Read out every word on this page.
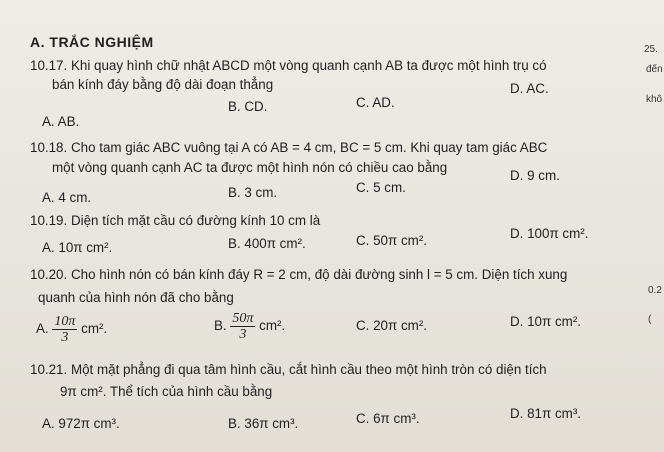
A. TRẮC NGHIỆM
10.17. Khi quay hình chữ nhật ABCD một vòng quanh cạnh AB ta được một hình trụ có
bán kính đáy bằng độ dài đoạn thẳng
A. AB.
B. CD.	C. AD.
D. AC.
10.18. Cho tam giác ABC vuông tại A có AB = 4 cm, BC = 5 cm. Khi quay tam giác ABC
một vòng quanh cạnh AC ta được một hình nón có chiều cao bằng
A. 4 cm.	B. 3 cm.	C. 5 cm.
D. 9 cm.
10.19. Diện tích mặt cầu có đường kính 10 cm là
A. 10π cm².	B. 400π cm².	C. 50π cm².	D. 100π cm².
10.20. Cho hình nón có bán kính đáy R = 2 cm, độ dài đường sinh l = 5 cm. Diện tích xung
quanh của hình nón đã cho bằng
A. $\frac{10\pi}{3} cm^2$.	B. $\frac{50\pi}{3} cm^2$.	C. 20π cm².	D. 10π cm².
10.21. Một mặt phẳng đi qua tâm hình cầu, cắt hình cầu theo một hình tròn có diện tích
9π cm². Thể tích của hình cầu bằng
A. 972π cm³.	B. 36π cm³.	C. 6π cm³.	D. 81π cm³.
25.
đến
khô
0.2
(
